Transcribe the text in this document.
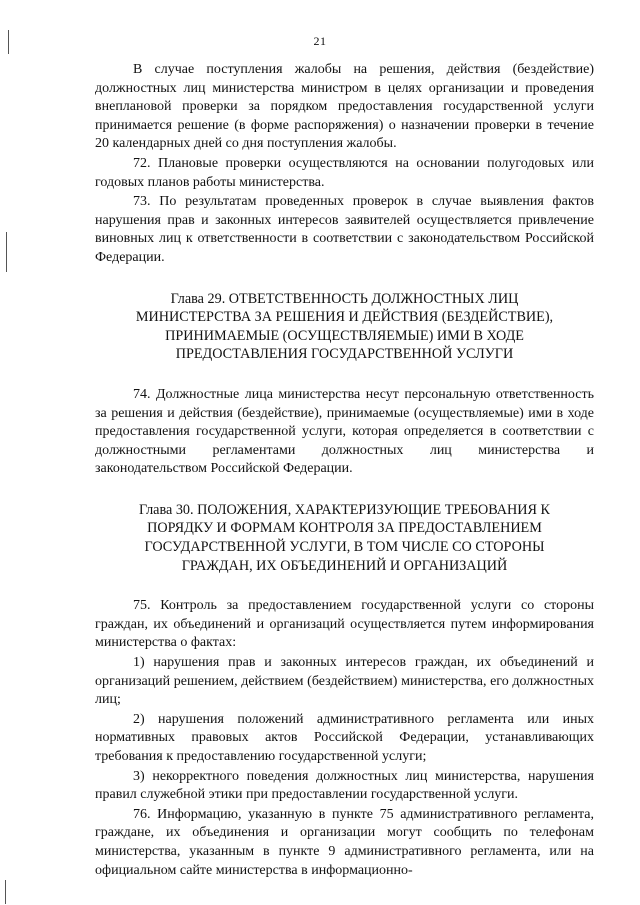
21

В случае поступления жалобы на решения, действия (бездействие) должностных лиц министерства министром в целях организации и проведения внеплановой проверки за порядком предоставления государственной услуги принимается решение (в форме распоряжения) о назначении проверки в течение 20 календарных дней со дня поступления жалобы.

72. Плановые проверки осуществляются на основании полугодовых или годовых планов работы министерства.

73. По результатам проведенных проверок в случае выявления фактов нарушения прав и законных интересов заявителей осуществляется привлечение виновных лиц к ответственности в соответствии с законодательством Российской Федерации.

Глава 29. ОТВЕТСТВЕННОСТЬ ДОЛЖНОСТНЫХ ЛИЦ
МИНИСТЕРСТВА ЗА РЕШЕНИЯ И ДЕЙСТВИЯ (БЕЗДЕЙСТВИЕ),
ПРИНИМАЕМЫЕ (ОСУЩЕСТВЛЯЕМЫЕ) ИМИ В ХОДЕ
ПРЕДОСТАВЛЕНИЯ ГОСУДАРСТВЕННОЙ УСЛУГИ

74. Должностные лица министерства несут персональную ответственность за решения и действия (бездействие), принимаемые (осуществляемые) ими в ходе предоставления государственной услуги, которая определяется в соответствии с должностными регламентами должностных лиц министерства и законодательством Российской Федерации.

Глава 30. ПОЛОЖЕНИЯ, ХАРАКТЕРИЗУЮЩИЕ ТРЕБОВАНИЯ К
ПОРЯДКУ И ФОРМАМ КОНТРОЛЯ ЗА ПРЕДОСТАВЛЕНИЕМ
ГОСУДАРСТВЕННОЙ УСЛУГИ, В ТОМ ЧИСЛЕ СО СТОРОНЫ
ГРАЖДАН, ИХ ОБЪЕДИНЕНИЙ И ОРГАНИЗАЦИЙ

75. Контроль за предоставлением государственной услуги со стороны граждан, их объединений и организаций осуществляется путем информирования министерства о фактах:

1) нарушения прав и законных интересов граждан, их объединений и организаций решением, действием (бездействием) министерства, его должностных лиц;

2) нарушения положений административного регламента или иных нормативных правовых актов Российской Федерации, устанавливающих требования к предоставлению государственной услуги;

3) некорректного поведения должностных лиц министерства, нарушения правил служебной этики при предоставлении государственной услуги.

76. Информацию, указанную в пункте 75 административного регламента, граждане, их объединения и организации могут сообщить по телефонам министерства, указанным в пункте 9 административного регламента, или на официальном сайте министерства в информационно-
